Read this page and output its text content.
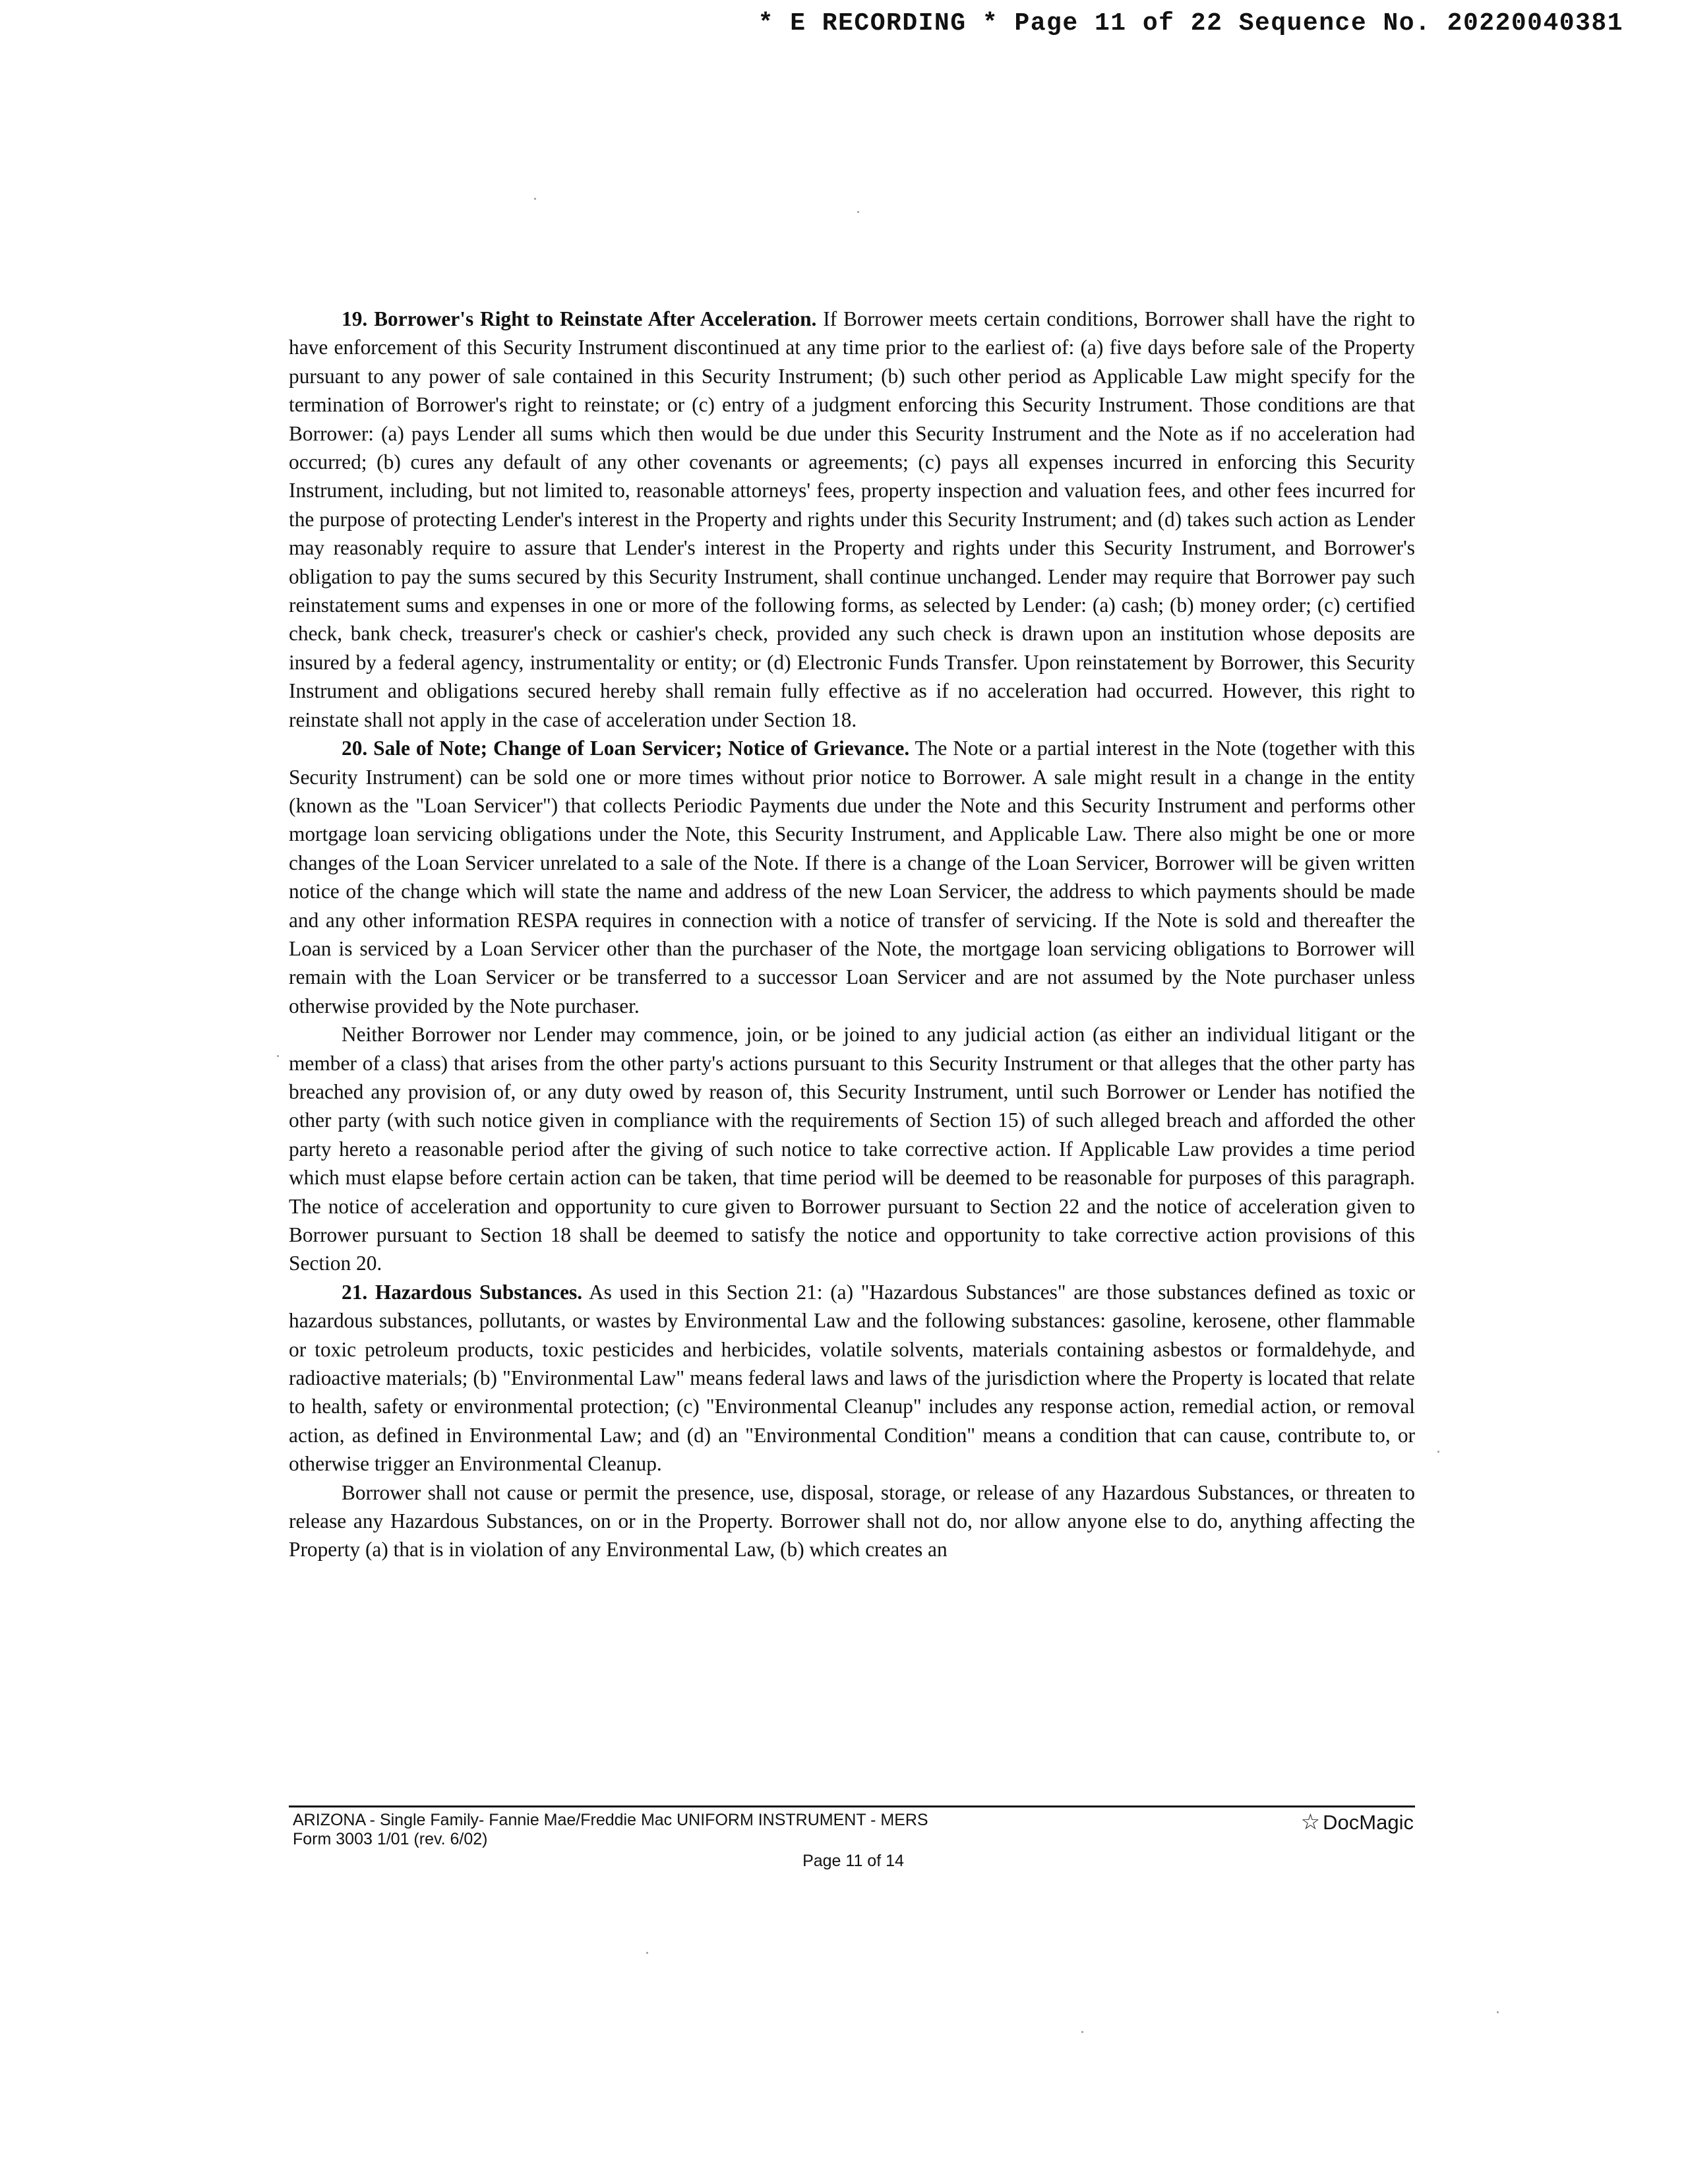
* E RECORDING * Page 11 of 22 Sequence No. 20220040381

19. Borrower's Right to Reinstate After Acceleration. If Borrower meets certain conditions, Borrower shall have the right to have enforcement of this Security Instrument discontinued at any time prior to the earliest of: (a) five days before sale of the Property pursuant to any power of sale contained in this Security Instrument; (b) such other period as Applicable Law might specify for the termination of Borrower's right to reinstate; or (c) entry of a judgment enforcing this Security Instrument. Those conditions are that Borrower: (a) pays Lender all sums which then would be due under this Security Instrument and the Note as if no acceleration had occurred; (b) cures any default of any other covenants or agreements; (c) pays all expenses incurred in enforcing this Security Instrument, including, but not limited to, reasonable attorneys' fees, property inspection and valuation fees, and other fees incurred for the purpose of protecting Lender's interest in the Property and rights under this Security Instrument; and (d) takes such action as Lender may reasonably require to assure that Lender's interest in the Property and rights under this Security Instrument, and Borrower's obligation to pay the sums secured by this Security Instrument, shall continue unchanged. Lender may require that Borrower pay such reinstatement sums and expenses in one or more of the following forms, as selected by Lender: (a) cash; (b) money order; (c) certified check, bank check, treasurer's check or cashier's check, provided any such check is drawn upon an institution whose deposits are insured by a federal agency, instrumentality or entity; or (d) Electronic Funds Transfer. Upon reinstatement by Borrower, this Security Instrument and obligations secured hereby shall remain fully effective as if no acceleration had occurred. However, this right to reinstate shall not apply in the case of acceleration under Section 18.

20. Sale of Note; Change of Loan Servicer; Notice of Grievance. The Note or a partial interest in the Note (together with this Security Instrument) can be sold one or more times without prior notice to Borrower. A sale might result in a change in the entity (known as the "Loan Servicer") that collects Periodic Payments due under the Note and this Security Instrument and performs other mortgage loan servicing obligations under the Note, this Security Instrument, and Applicable Law. There also might be one or more changes of the Loan Servicer unrelated to a sale of the Note. If there is a change of the Loan Servicer, Borrower will be given written notice of the change which will state the name and address of the new Loan Servicer, the address to which payments should be made and any other information RESPA requires in connection with a notice of transfer of servicing. If the Note is sold and thereafter the Loan is serviced by a Loan Servicer other than the purchaser of the Note, the mortgage loan servicing obligations to Borrower will remain with the Loan Servicer or be transferred to a successor Loan Servicer and are not assumed by the Note purchaser unless otherwise provided by the Note purchaser.

Neither Borrower nor Lender may commence, join, or be joined to any judicial action (as either an individual litigant or the member of a class) that arises from the other party's actions pursuant to this Security Instrument or that alleges that the other party has breached any provision of, or any duty owed by reason of, this Security Instrument, until such Borrower or Lender has notified the other party (with such notice given in compliance with the requirements of Section 15) of such alleged breach and afforded the other party hereto a reasonable period after the giving of such notice to take corrective action. If Applicable Law provides a time period which must elapse before certain action can be taken, that time period will be deemed to be reasonable for purposes of this paragraph. The notice of acceleration and opportunity to cure given to Borrower pursuant to Section 22 and the notice of acceleration given to Borrower pursuant to Section 18 shall be deemed to satisfy the notice and opportunity to take corrective action provisions of this Section 20.

21. Hazardous Substances. As used in this Section 21: (a) "Hazardous Substances" are those substances defined as toxic or hazardous substances, pollutants, or wastes by Environmental Law and the following substances: gasoline, kerosene, other flammable or toxic petroleum products, toxic pesticides and herbicides, volatile solvents, materials containing asbestos or formaldehyde, and radioactive materials; (b) "Environmental Law" means federal laws and laws of the jurisdiction where the Property is located that relate to health, safety or environmental protection; (c) "Environmental Cleanup" includes any response action, remedial action, or removal action, as defined in Environmental Law; and (d) an "Environmental Condition" means a condition that can cause, contribute to, or otherwise trigger an Environmental Cleanup.

Borrower shall not cause or permit the presence, use, disposal, storage, or release of any Hazardous Substances, or threaten to release any Hazardous Substances, on or in the Property. Borrower shall not do, nor allow anyone else to do, anything affecting the Property (a) that is in violation of any Environmental Law, (b) which creates an

ARIZONA - Single Family- Fannie Mae/Freddie Mac UNIFORM INSTRUMENT - MERS
Form 3003 1/01 (rev. 6/02)
☆ DocMagic
Page 11 of 14
